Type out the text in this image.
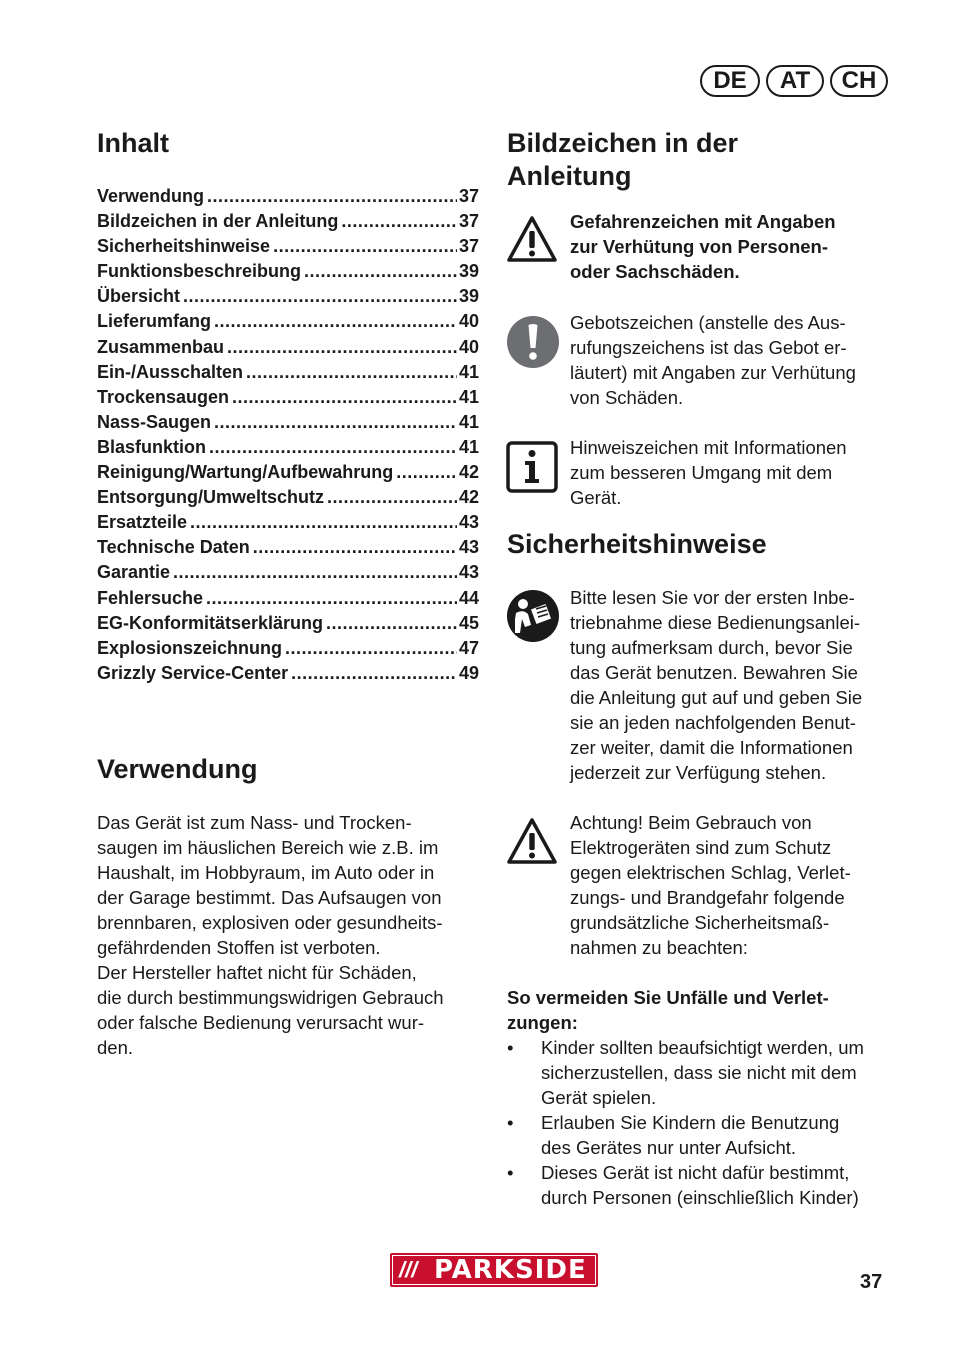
DE	AT	CH
Inhalt
Verwendung .....	37
Bildzeichen in der Anleitung .....	37
Sicherheitshinweise .....	37
Funktionsbeschreibung .....	39
Übersicht .....	39
Lieferumfang .....	40
Zusammenbau .....	40
Ein-/Ausschalten .....	41
Trockensaugen .....	41
Nass-Saugen .....	41
Blasfunktion .....	41
Reinigung/Wartung/Aufbewahrung .....	42
Entsorgung/Umweltschutz .....	42
Ersatzteile .....	43
Technische Daten .....	43
Garantie .....	43
Fehlersuche .....	44
EG-Konformitätserklärung .....	45
Explosionszeichnung .....	47
Grizzly Service-Center .....	49
Verwendung
Das Gerät ist zum Nass- und Trocken-
saugen im häuslichen Bereich wie z.B. im
Haushalt, im Hobbyraum, im Auto oder in
der Garage bestimmt. Das Aufsaugen von
brennbaren, explosiven oder gesundheits-
gefährdenden Stoffen ist verboten.
Der Hersteller haftet nicht für Schäden,
die durch bestimmungswidrigen Gebrauch
oder falsche Bedienung verursacht wur-
den.
Bildzeichen in der
Anleitung
Gefahrenzeichen mit Angaben
zur Verhütung von Personen-
oder Sachschäden.
Gebotszeichen (anstelle des Aus-
rufungszeichens ist das Gebot er-
läutert) mit Angaben zur Verhütung
von Schäden.
Hinweiszeichen mit Informationen
zum besseren Umgang mit dem
Gerät.
Sicherheitshinweise
Bitte lesen Sie vor der ersten Inbe-
triebnahme diese Bedienungsanlei-
tung aufmerksam durch, bevor Sie
das Gerät benutzen. Bewahren Sie
die Anleitung gut auf und geben Sie
sie an jeden nachfolgenden Benut-
zer weiter, damit die Informationen
jederzeit zur Verfügung stehen.
Achtung! Beim Gebrauch von
Elektrogeräten sind zum Schutz
gegen elektrischen Schlag, Verlet-
zungs- und Brandgefahr folgende
grundsätzliche Sicherheitsmaß-
nahmen zu beachten:
So vermeiden Sie Unfälle und Verlet-
zungen:
• Kinder sollten beaufsichtigt werden, um
sicherzustellen, dass sie nicht mit dem
Gerät spielen.
• Erlauben Sie Kindern die Benutzung
des Gerätes nur unter Aufsicht.
• Dieses Gerät ist nicht dafür bestimmt,
durch Personen (einschließlich Kinder)
/// PARKSIDE	37
